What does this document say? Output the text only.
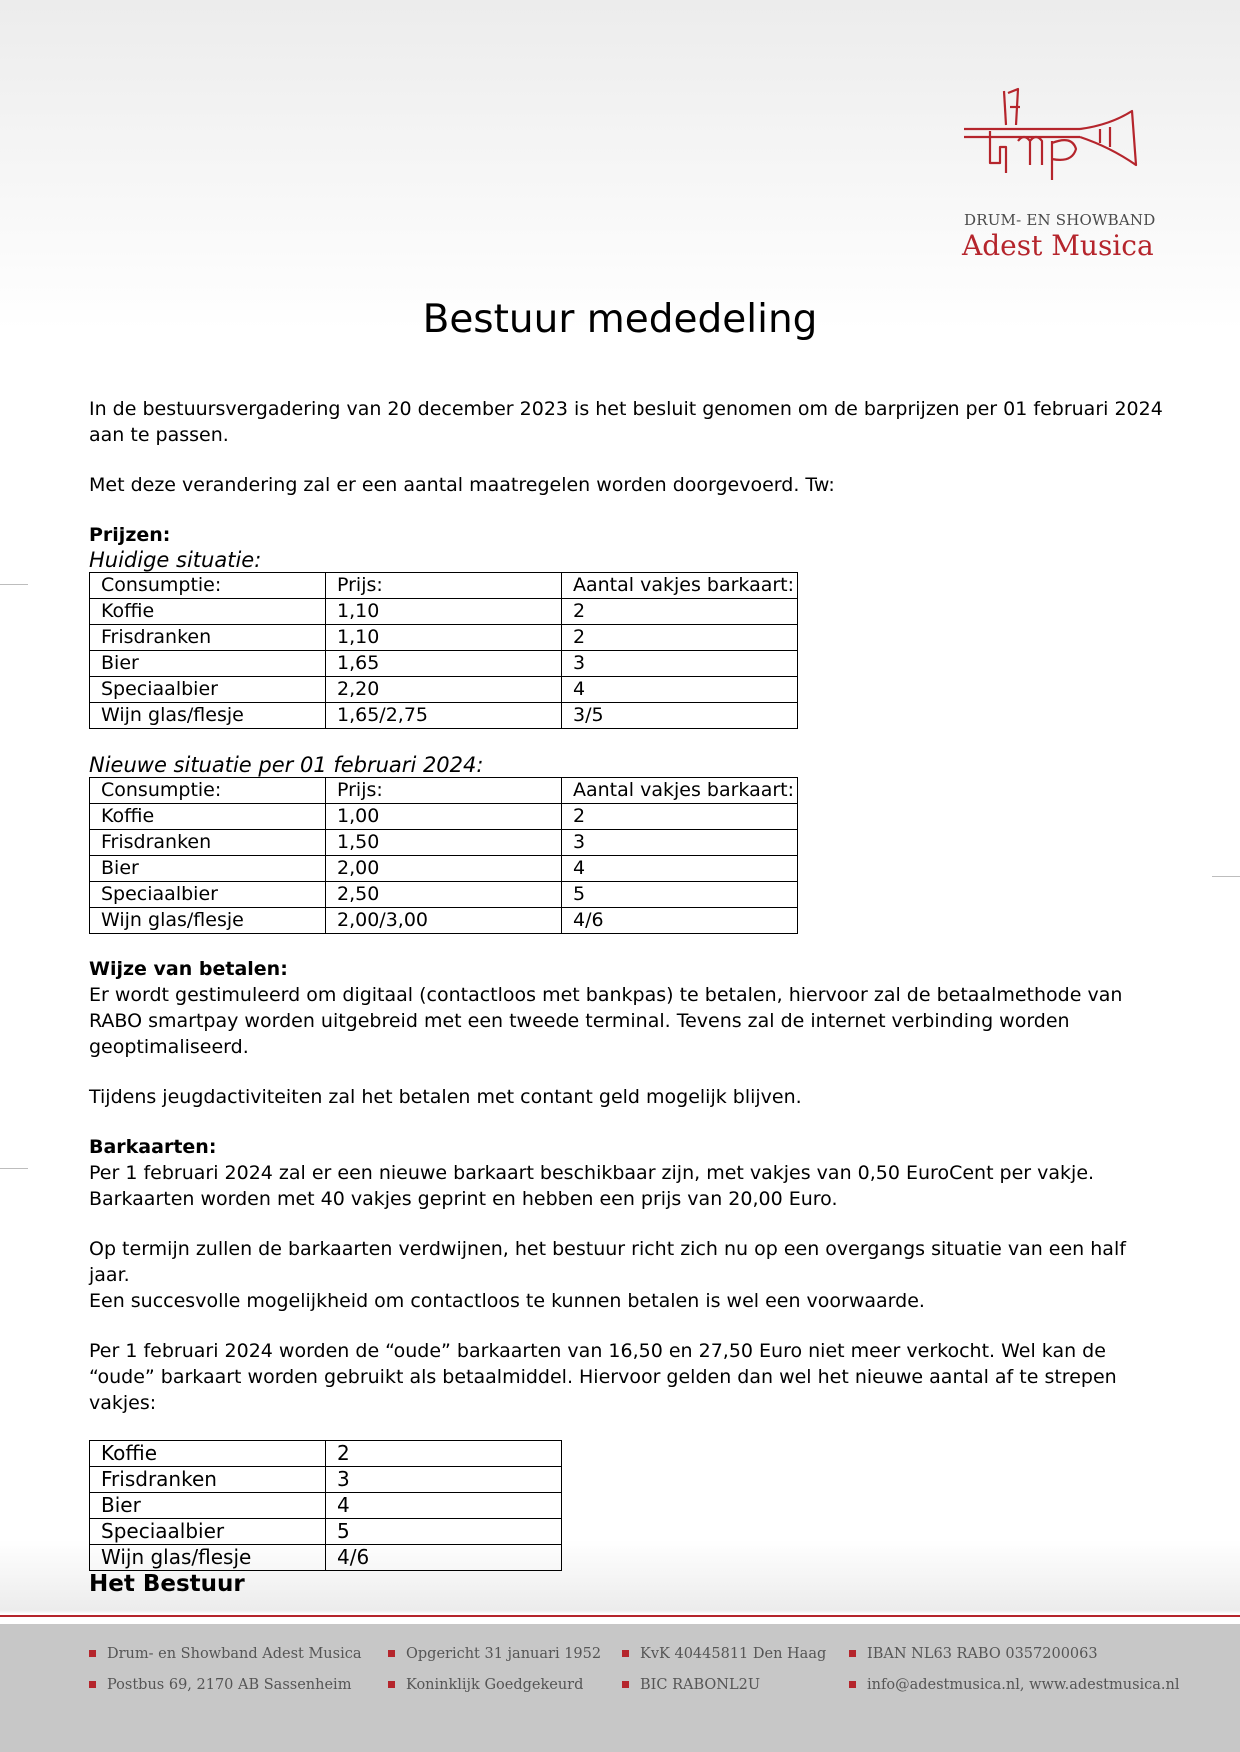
DRUM- EN SHOWBAND
Adest Musica
Bestuur mededeling

In de bestuursvergadering van 20 december 2023 is het besluit genomen om de barprijzen per 01 februari 2024 aan te passen.

Met deze verandering zal er een aantal maatregelen worden doorgevoerd. Tw:

Prijzen:

Huidige situatie:

Consumptie:	Prijs:	Aantal vakjes barkaart:
Koffie	1,10	2
Frisdranken	1,10	2
Bier	1,65	3
Speciaalbier	2,20	4
Wijn glas/flesje	1,65/2,75	3/5

Nieuwe situatie per 01 februari 2024:

Consumptie:	Prijs:	Aantal vakjes barkaart:
Koffie	1,00	2
Frisdranken	1,50	3
Bier	2,00	4
Speciaalbier	2,50	5
Wijn glas/flesje	2,00/3,00	4/6

Wijze van betalen:

Er wordt gestimuleerd om digitaal (contactloos met bankpas) te betalen, hiervoor zal de betaalmethode van RABO smartpay worden uitgebreid met een tweede terminal. Tevens zal de internet verbinding worden geoptimaliseerd.

Tijdens jeugdactiviteiten zal het betalen met contant geld mogelijk blijven.

Barkaarten:

Per 1 februari 2024 zal er een nieuwe barkaart beschikbaar zijn, met vakjes van 0,50 EuroCent per vakje.

Barkaarten worden met 40 vakjes geprint en hebben een prijs van 20,00 Euro.

Op termijn zullen de barkaarten verdwijnen, het bestuur richt zich nu op een overgangs situatie van een half jaar.

Een succesvolle mogelijkheid om contactloos te kunnen betalen is wel een voorwaarde.

Per 1 februari 2024 worden de “oude” barkaarten van 16,50 en 27,50 Euro niet meer verkocht. Wel kan de “oude” barkaart worden gebruikt als betaalmiddel. Hiervoor gelden dan wel het nieuwe aantal af te strepen vakjes:

Koffie	2
Frisdranken	3
Bier	4
Speciaalbier	5
Wijn glas/flesje	4/6

Het Bestuur

Drum- en Showband Adest Musica
Postbus 69, 2170 AB Sassenheim
Opgericht 31 januari 1952
Koninklijk Goedgekeurd
KvK 40445811 Den Haag
BIC RABONL2U
IBAN NL63 RABO 0357200063
info@adestmusica.nl, www.adestmusica.nl
